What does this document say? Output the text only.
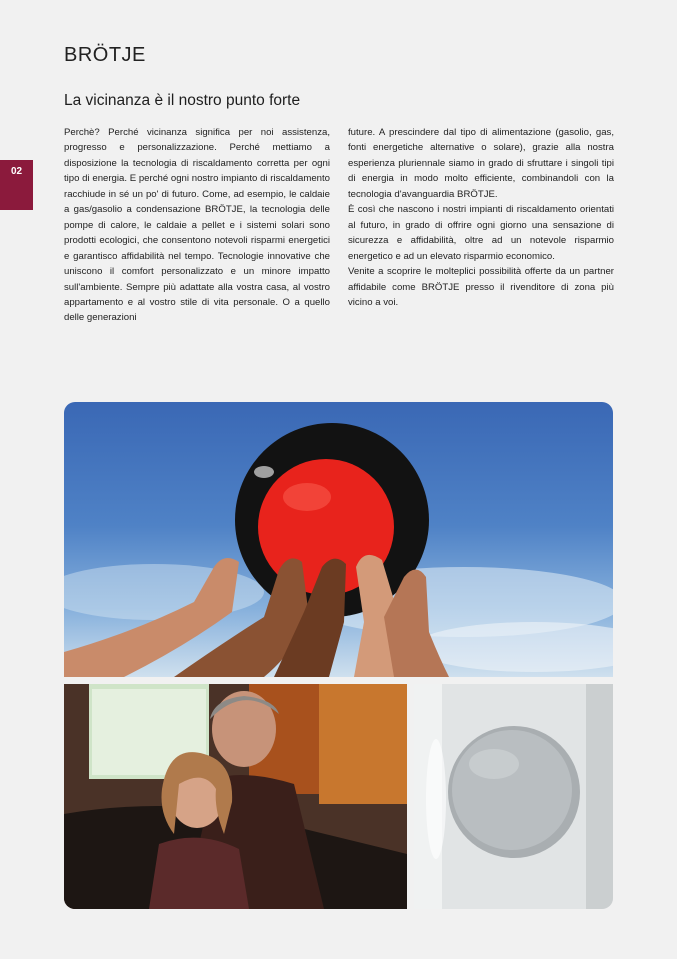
BRÖTJE
02
La vicinanza è il nostro punto forte

Perchè? Perché vicinanza significa per noi assistenza, progresso e personalizzazione. Perché mettiamo a disposizione la tecnologia di riscaldamento corretta per ogni tipo di energia. E perché ogni nostro impianto di riscaldamento racchiude in sé un po' di futuro. Come, ad esempio, le caldaie a gas/gasolio a condensazione BRÖTJE, la tecnologia delle pompe di calore, le caldaie a pellet e i sistemi solari sono prodotti ecologici, che consentono notevoli risparmi energetici e garantisco affidabilità nel tempo. Tecnologie innovative che uniscono il comfort personalizzato e un minore impatto sull'ambiente. Sempre più adattate alla vostra casa, al vostro appartamento e al vostro stile di vita personale. O a quello delle generazioni

future. A prescindere dal tipo di alimentazione (gasolio, gas, fonti energetiche alternative o solare), grazie alla nostra esperienza pluriennale siamo in grado di sfruttare i singoli tipi di energia in modo molto efficiente, combinandoli con la tecnologia d'avanguardia BRÖTJE.

È così che nascono i nostri impianti di riscaldamento orientati al futuro, in grado di offrire ogni giorno una sensazione di sicurezza e affidabilità, oltre ad un notevole risparmio energetico e ad un elevato risparmio economico.

Venite a scoprire le molteplici possibilità offerte da un partner affidabile come BRÖTJE presso il rivenditore di zona più vicino a voi.
